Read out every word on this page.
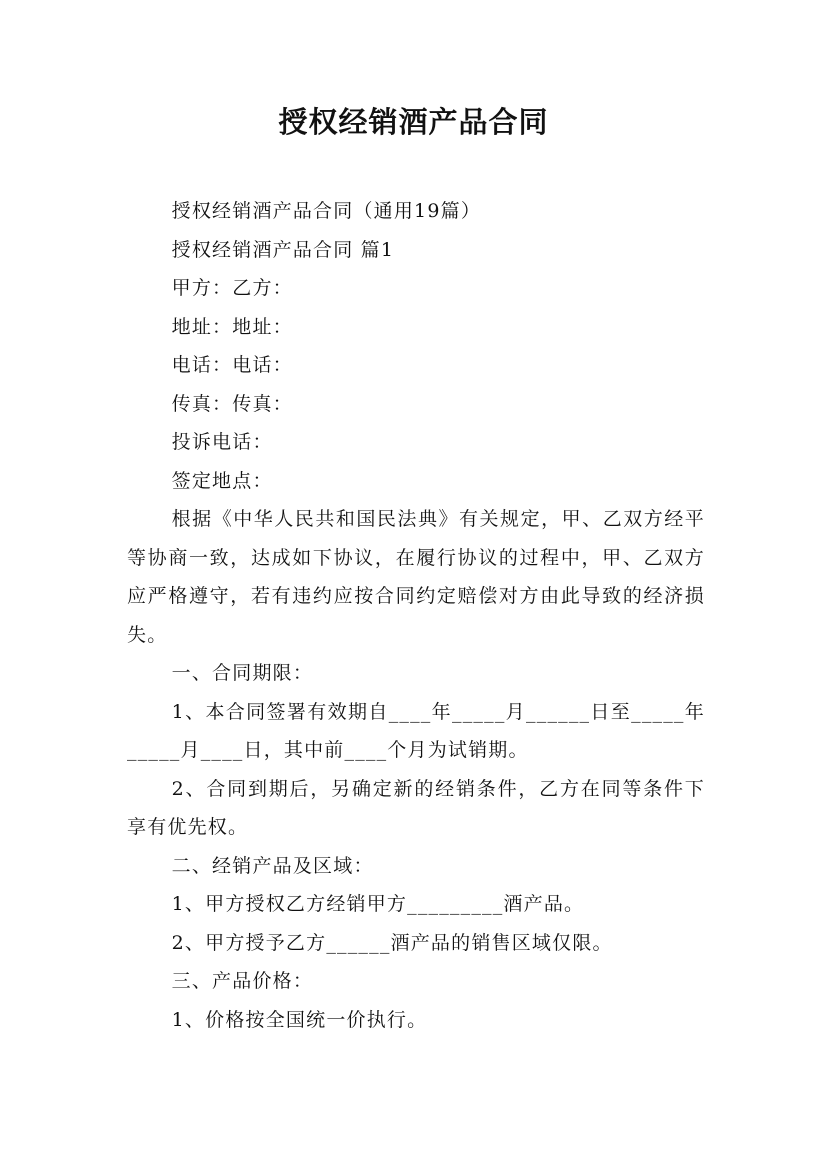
授权经销酒产品合同

授权经销酒产品合同（通用19篇）

授权经销酒产品合同 篇1

甲方：乙方：

地址：地址：

电话：电话：

传真：传真：

投诉电话：

签定地点：

根据《中华人民共和国民法典》有关规定，甲、乙双方经平等协商一致，达成如下协议，在履行协议的过程中，甲、乙双方应严格遵守，若有违约应按合同约定赔偿对方由此导致的经济损失。

一、合同期限：

1、本合同签署有效期自____年_____月______日至_____年_____月____日，其中前____个月为试销期。

2、合同到期后，另确定新的经销条件，乙方在同等条件下享有优先权。

二、经销产品及区域：

1、甲方授权乙方经销甲方_________酒产品。

2、甲方授予乙方______酒产品的销售区域仅限。

三、产品价格：

1、价格按全国统一价执行。
